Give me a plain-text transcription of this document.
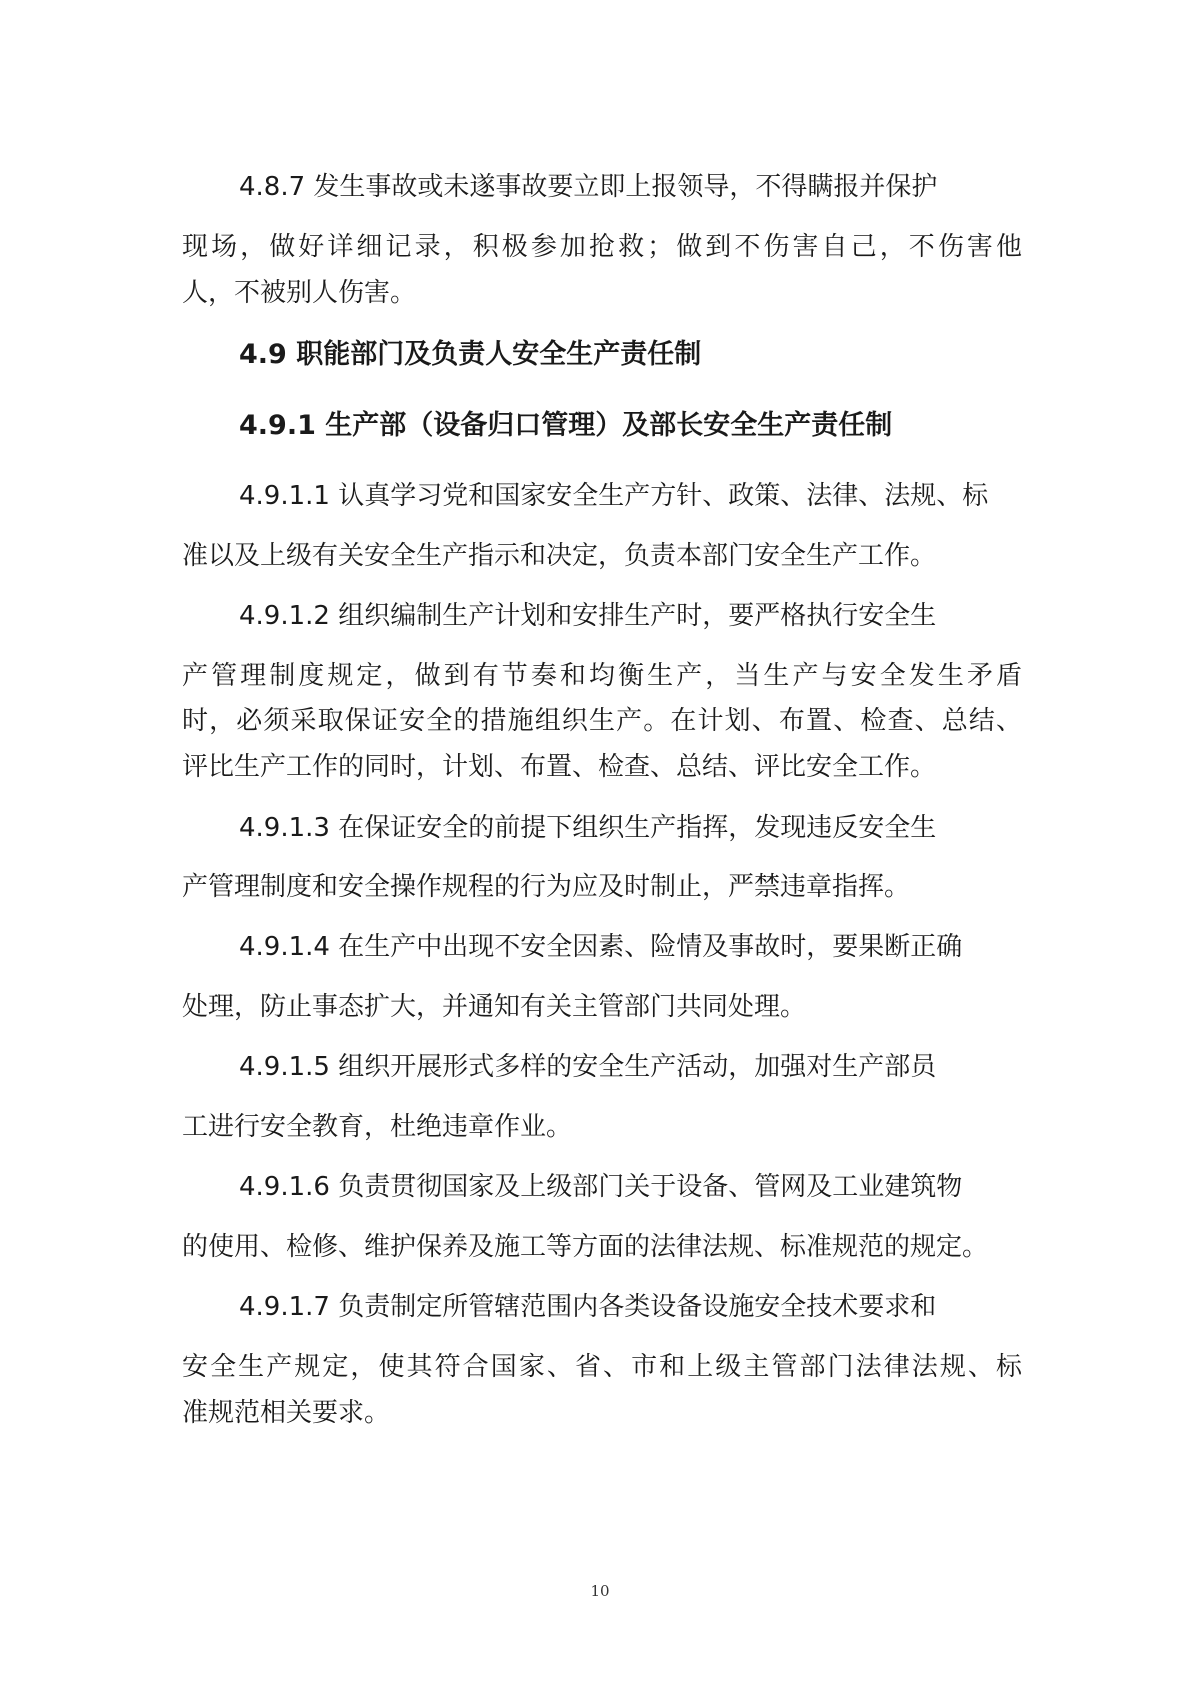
4.8.7 发生事故或未遂事故要立即上报领导，不得瞒报并保护
现场，做好详细记录，积极参加抢救；做到不伤害自己，不伤害他
人，不被别人伤害。
4.9 职能部门及负责人安全生产责任制
4.9.1 生产部（设备归口管理）及部长安全生产责任制
4.9.1.1 认真学习党和国家安全生产方针、政策、法律、法规、标
准以及上级有关安全生产指示和决定，负责本部门安全生产工作。
4.9.1.2 组织编制生产计划和安排生产时，要严格执行安全生
产管理制度规定，做到有节奏和均衡生产，当生产与安全发生矛盾
时，必须采取保证安全的措施组织生产。在计划、布置、检查、总结、
评比生产工作的同时，计划、布置、检查、总结、评比安全工作。
4.9.1.3 在保证安全的前提下组织生产指挥，发现违反安全生
产管理制度和安全操作规程的行为应及时制止，严禁违章指挥。
4.9.1.4 在生产中出现不安全因素、险情及事故时，要果断正确
处理，防止事态扩大，并通知有关主管部门共同处理。
4.9.1.5 组织开展形式多样的安全生产活动，加强对生产部员
工进行安全教育，杜绝违章作业。
4.9.1.6 负责贯彻国家及上级部门关于设备、管网及工业建筑物
的使用、检修、维护保养及施工等方面的法律法规、标准规范的规定。
4.9.1.7 负责制定所管辖范围内各类设备设施安全技术要求和
安全生产规定，使其符合国家、省、市和上级主管部门法律法规、标
准规范相关要求。
10
